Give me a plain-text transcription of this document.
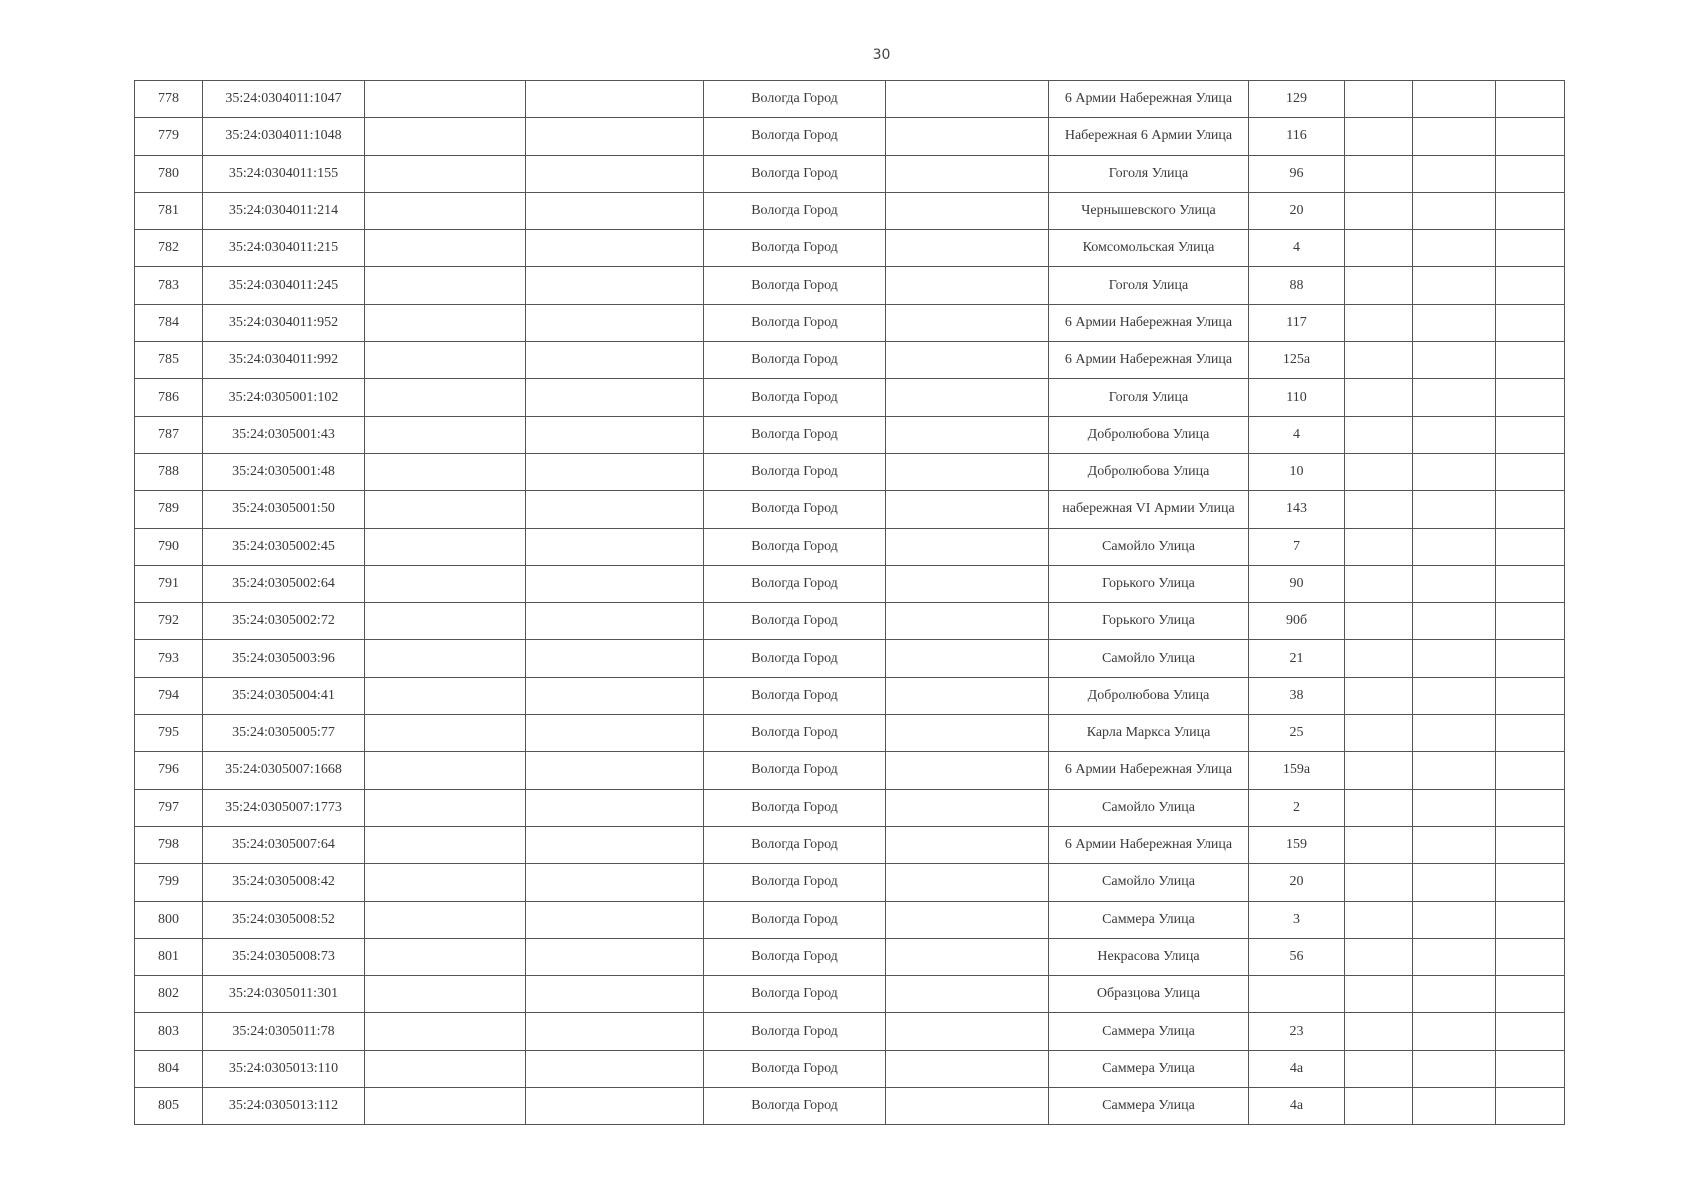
30
778	35:24:0304011:1047			Вологда Город		6 Армии Набережная Улица	129			
779	35:24:0304011:1048			Вологда Город		Набережная 6 Армии Улица	116			
780	35:24:0304011:155			Вологда Город		Гоголя Улица	96			
781	35:24:0304011:214			Вологда Город		Чернышевского Улица	20			
782	35:24:0304011:215			Вологда Город		Комсомольская Улица	4			
783	35:24:0304011:245			Вологда Город		Гоголя Улица	88			
784	35:24:0304011:952			Вологда Город		6 Армии Набережная Улица	117			
785	35:24:0304011:992			Вологда Город		6 Армии Набережная Улица	125а			
786	35:24:0305001:102			Вологда Город		Гоголя Улица	110			
787	35:24:0305001:43			Вологда Город		Добролюбова Улица	4			
788	35:24:0305001:48			Вологда Город		Добролюбова Улица	10			
789	35:24:0305001:50			Вологда Город		набережная VI Армии Улица	143			
790	35:24:0305002:45			Вологда Город		Самойло Улица	7			
791	35:24:0305002:64			Вологда Город		Горького Улица	90			
792	35:24:0305002:72			Вологда Город		Горького Улица	90б			
793	35:24:0305003:96			Вологда Город		Самойло Улица	21			
794	35:24:0305004:41			Вологда Город		Добролюбова Улица	38			
795	35:24:0305005:77			Вологда Город		Карла Маркса Улица	25			
796	35:24:0305007:1668			Вологда Город		6 Армии Набережная Улица	159а			
797	35:24:0305007:1773			Вологда Город		Самойло Улица	2			
798	35:24:0305007:64			Вологда Город		6 Армии Набережная Улица	159			
799	35:24:0305008:42			Вологда Город		Самойло Улица	20			
800	35:24:0305008:52			Вологда Город		Саммера Улица	3			
801	35:24:0305008:73			Вологда Город		Некрасова Улица	56			
802	35:24:0305011:301			Вологда Город		Образцова Улица				
803	35:24:0305011:78			Вологда Город		Саммера Улица	23			
804	35:24:0305013:110			Вологда Город		Саммера Улица	4а			
805	35:24:0305013:112			Вологда Город		Саммера Улица	4а			
